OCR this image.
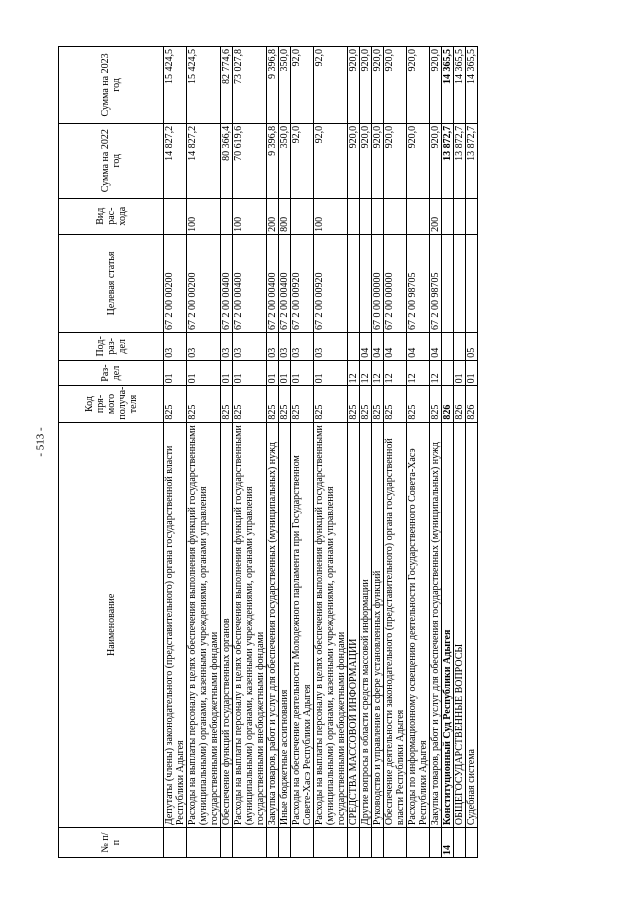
- 513 -
№ п/п	Наименование	Код пря-мого получа-теля	Раз-дел	Под-раз-дел	Целевая статья	Вид рас-хода	Сумма на 2022 год	Сумма на 2023 год
	Депутаты (члены) законодательного (представительного) органа государственной власти Республики Адыгея	825	01	03	67 2 00 00200		14 827,2	15 424,5
	Расходы на выплаты персоналу в целях обеспечения выполнения функций государственными (муниципальными) органами, казенными учреждениями, органами управления государственными внебюджетными фондами	825	01	03	67 2 00 00200	100	14 827,2	15 424,5
	Обеспечение функций государственных органов	825	01	03	67 2 00 00400		80 366,4	82 774,6
	Расходы на выплаты персоналу в целях обеспечения выполнения функций государственными (муниципальными) органами, казенными учреждениями, органами управления государственными внебюджетными фондами	825	01	03	67 2 00 00400	100	70 619,6	73 027,8
	Закупка товаров, работ и услуг для обеспечения государственных (муниципальных) нужд	825	01	03	67 2 00 00400	200	9 396,8	9 396,8
	Иные бюджетные ассигнования	825	01	03	67 2 00 00400	800	350,0	350,0
	Расходы на обеспечение деятельности Молодежного парламента при Государственном Совете-Хасэ Республики Адыгея	825	01	03	67 2 00 00920		92,0	92,0
	Расходы на выплаты персоналу в целях обеспечения выполнения функций государственными (муниципальными) органами, казенными учреждениями, органами управления государственными внебюджетными фондами	825	01	03	67 2 00 00920	100	92,0	92,0
	СРЕДСТВА МАССОВОЙ ИНФОРМАЦИИ	825	12				920,0	920,0
	Другие вопросы в области средств массовой информации	825	12	04			920,0	920,0
	Руководство и управление в сфере установленных функций	825	12	04	67 0 00 00000		920,0	920,0
	Обеспечение деятельности законодательного (представительного) органа государственной власти Республики Адыгея	825	12	04	67 2 00 00000		920,0	920,0
	Расходы по информационному освещению деятельности Государственного Совета-Хасэ Республики Адыгея	825	12	04	67 2 00 98705		920,0	920,0
	Закупка товаров, работ и услуг для обеспечения государственных (муниципальных) нужд	825	12	04	67 2 00 98705	200	920,0	920,0
14	Конституционный Суд Республики Адыгея	826					13 872,7	14 365,5
	ОБЩЕГОСУДАРСТВЕННЫЕ ВОПРОСЫ	826	01				13 872,7	14 365,5
	Судебная система	826	01	05			13 872,7	14 365,5
